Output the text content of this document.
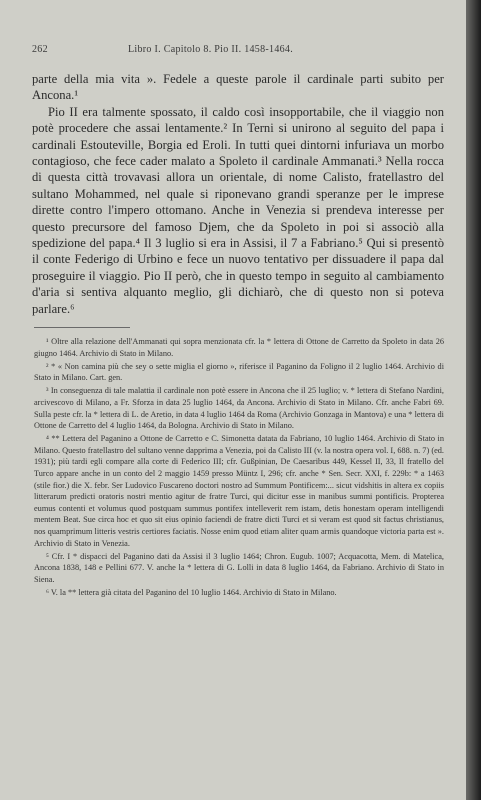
262	Libro I. Capitolo 8. Pio II. 1458-1464.

parte della mia vita ». Fedele a queste parole il cardinale parti subito per Ancona.¹

Pio II era talmente spossato, il caldo così insopportabile, che il viaggio non potè procedere che assai lentamente.² In Terni si unirono al seguito del papa i cardinali Estouteville, Borgia ed Eroli. In tutti quei dintorni infuriava un morbo contagioso, che fece cader malato a Spoleto il cardinale Ammanati.³ Nella rocca di questa città trovavasi allora un orientale, di nome Calisto, fratellastro del sultano Mohammed, nel quale si riponevano grandi speranze per le imprese dirette contro l'impero ottomano. Anche in Venezia si prendeva interesse per questo precursore del famoso Djem, che da Spoleto in poi si associò alla spedizione del papa.⁴ Il 3 luglio si era in Assisi, il 7 a Fabriano.⁵ Qui si presentò il conte Federigo di Urbino e fece un nuovo tentativo per dissuadere il papa dal proseguire il viaggio. Pio II però, che in questo tempo in seguito al cambiamento d'aria si sentiva alquanto meglio, gli dichiarò, che di questo non si poteva parlare.⁶

¹ Oltre alla relazione dell'Ammanati qui sopra menzionata cfr. la * lettera di Ottone de Carretto da Spoleto in data 26 giugno 1464. Archivio di Stato in Milano.

² * « Non camina più che sey o sette miglia el giorno », riferisce il Paganino da Foligno il 2 luglio 1464. Archivio di Stato in Milano. Cart. gen.

³ In conseguenza di tale malattia il cardinale non potè essere in Ancona che il 25 luglio; v. * lettera di Stefano Nardini, arcivescovo di Milano, a Fr. Sforza in data 25 luglio 1464, da Ancona. Archivio di Stato in Milano. Cfr. anche Fabri 69. Sulla peste cfr. la * lettera di L. de Aretio, in data 4 luglio 1464 da Roma (Archivio Gonzaga in Mantova) e una * lettera di Ottone de Carretto del 4 luglio 1464, da Bologna. Archivio di Stato in Milano.

⁴ ** Lettera del Paganino a Ottone de Carretto e C. Simonetta datata da Fabriano, 10 luglio 1464. Archivio di Stato in Milano. Questo fratellastro del sultano venne dapprima a Venezia, poi da Calisto III (v. la nostra opera vol. I, 688. n. 7) (ed. 1931); più tardi egli compare alla corte di Federico III; cfr. Gußpinian, De Caesaribus 449, Kessel II, 33, Il fratello del Turco appare anche in un conto del 2 maggio 1459 presso Müntz I, 296; cfr. anche * Sen. Secr. XXI, f. 229b: * a 1463 (stile fior.) die X. febr. Ser Ludovico Fuscareno doctori nostro ad Summum Pontificem:... sicut vidshitis in altera ex copiis litterarum predicti oratoris nostri mentio agitur de fratre Turci, qui dicitur esse in manibus summi pontificis. Propterea eumus contenti et volumus quod postquam summus pontifex intelleverit rem istam, detis honestam operam intelligendi mentem Beat. Sue circa hoc et quo sit eius opinio faciendi de fratre dicti Turci et si veram est quod sit factus christianus, nos quamprimum litteris vestris certiores faciatis. Nosse enim quod etiam aliter quam armis quandoque victoria parta est ». Archivio di Stato in Venezia.

⁵ Cfr. I * dispacci del Paganino dati da Assisi il 3 luglio 1464; Chron. Eugub. 1007; Acquacotta, Mem. di Matelica, Ancona 1838, 148 e Pellini 677. V. anche la * lettera di G. Lolli in data 8 luglio 1464, da Fabriano. Archivio di Stato in Siena.

⁶ V. la ** lettera già citata del Paganino del 10 luglio 1464. Archivio di Stato in Milano.
